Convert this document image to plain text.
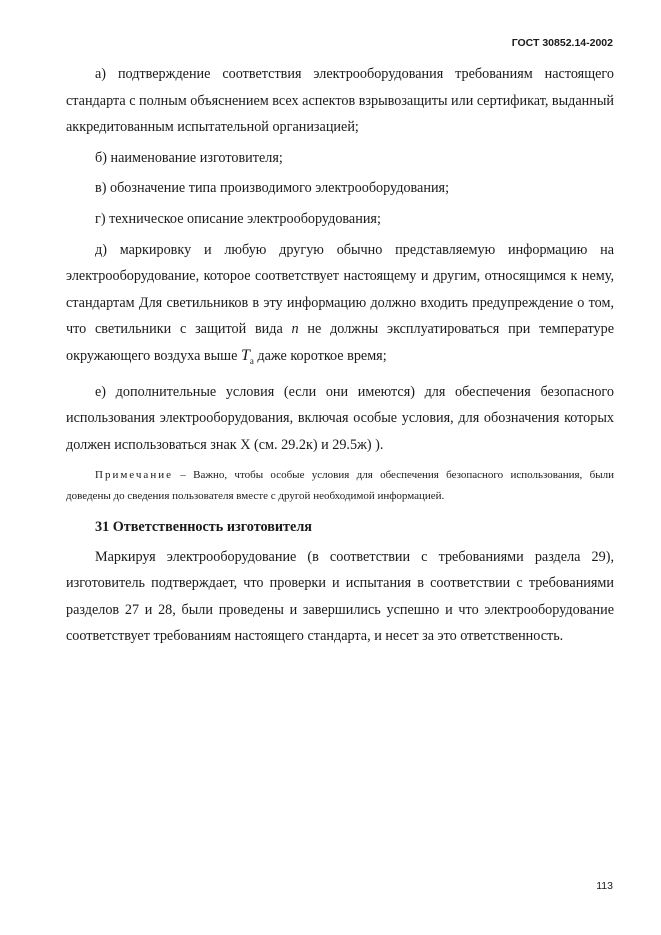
ГОСТ 30852.14-2002

а) подтверждение соответствия электрооборудования требованиям настоящего стандарта с полным объяснением всех аспектов взрывозащиты или сертификат, выданный аккредитованным испытательной организацией;

б) наименование изготовителя;

в) обозначение типа производимого электрооборудования;

г) техническое описание электрооборудования;

д) маркировку и любую другую обычно представляемую информацию на электрооборудование, которое соответствует настоящему и другим, относящимся к нему, стандартам Для светильников в эту информацию должно входить предупреждение о том, что светильники с защитой вида n не должны эксплуатироваться при температуре окружающего воздуха выше $T_a$ даже короткое время;

е) дополнительные условия (если они имеются) для обеспечения безопасного использования электрооборудования, включая особые условия, для обозначения которых должен использоваться знак Х (см. 29.2к) и 29.5ж) ).

Примечание – Важно, чтобы особые условия для обеспечения безопасного использования, были доведены до сведения пользователя вместе с другой необходимой информацией.

31 Ответственность изготовителя

Маркируя электрооборудование (в соответствии с требованиями раздела 29), изготовитель подтверждает, что проверки и испытания в соответствии с требованиями разделов 27 и 28, были проведены и завершились успешно и что электрооборудование соответствует требованиям настоящего стандарта, и несет за это ответственность.

113
